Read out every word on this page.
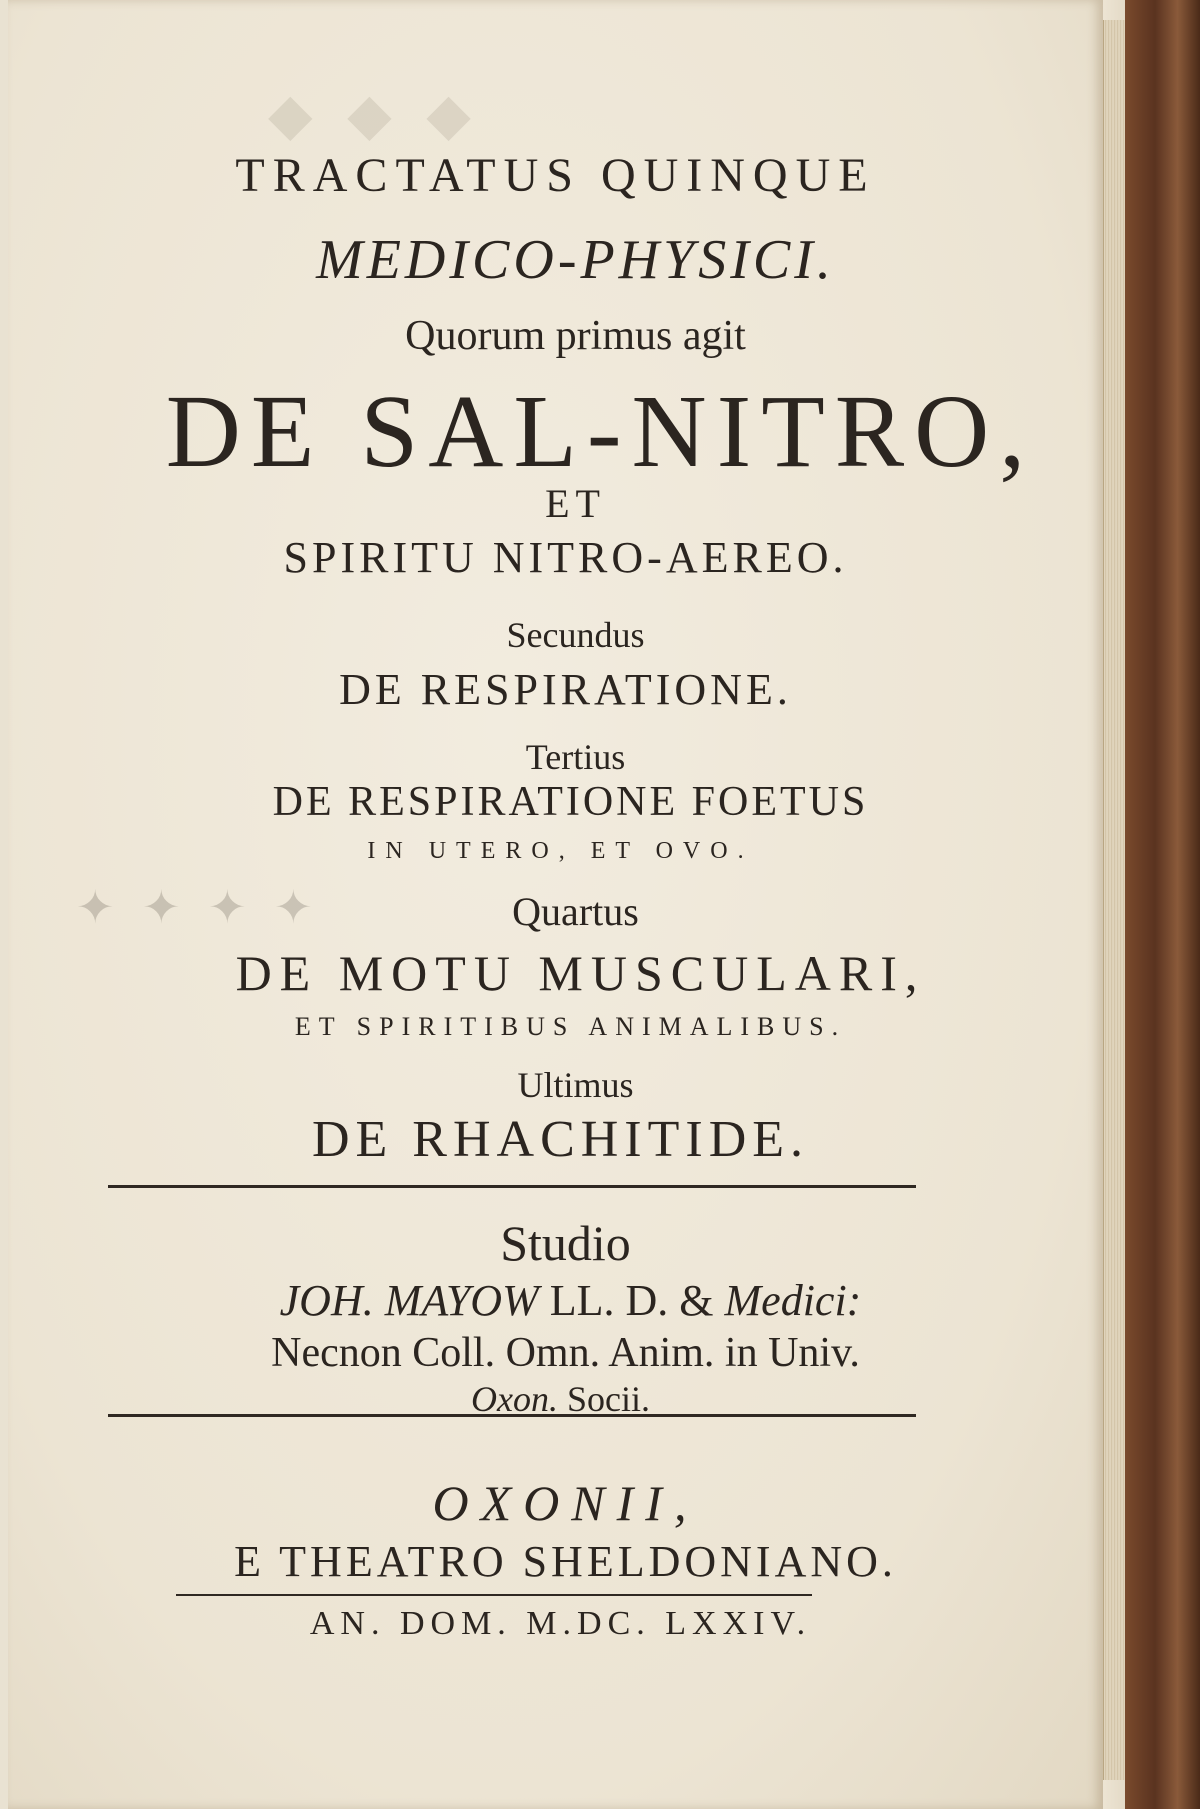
◆ ◆ ◆
✦ ✦ ✦ ✦
TRACTATUS QUINQUE
MEDICO-PHYSICI.
Quorum primus agit
DE SAL-NITRO,
ET
SPIRITU NITRO-AEREO.
Secundus
DE RESPIRATIONE.
Tertius
DE RESPIRATIONE FOETUS
IN UTERO, ET OVO.
Quartus
DE MOTU MUSCULARI,
ET SPIRITIBUS ANIMALIBUS.
Ultimus
DE RHACHITIDE.
Studio
JOH. MAYOW LL. D. & Medici:
Necnon Coll. Omn. Anim. in Univ.
Oxon. Socii.
OXONII,
E THEATRO SHELDONIANO.
AN. DOM. M.DC. LXXIV.
